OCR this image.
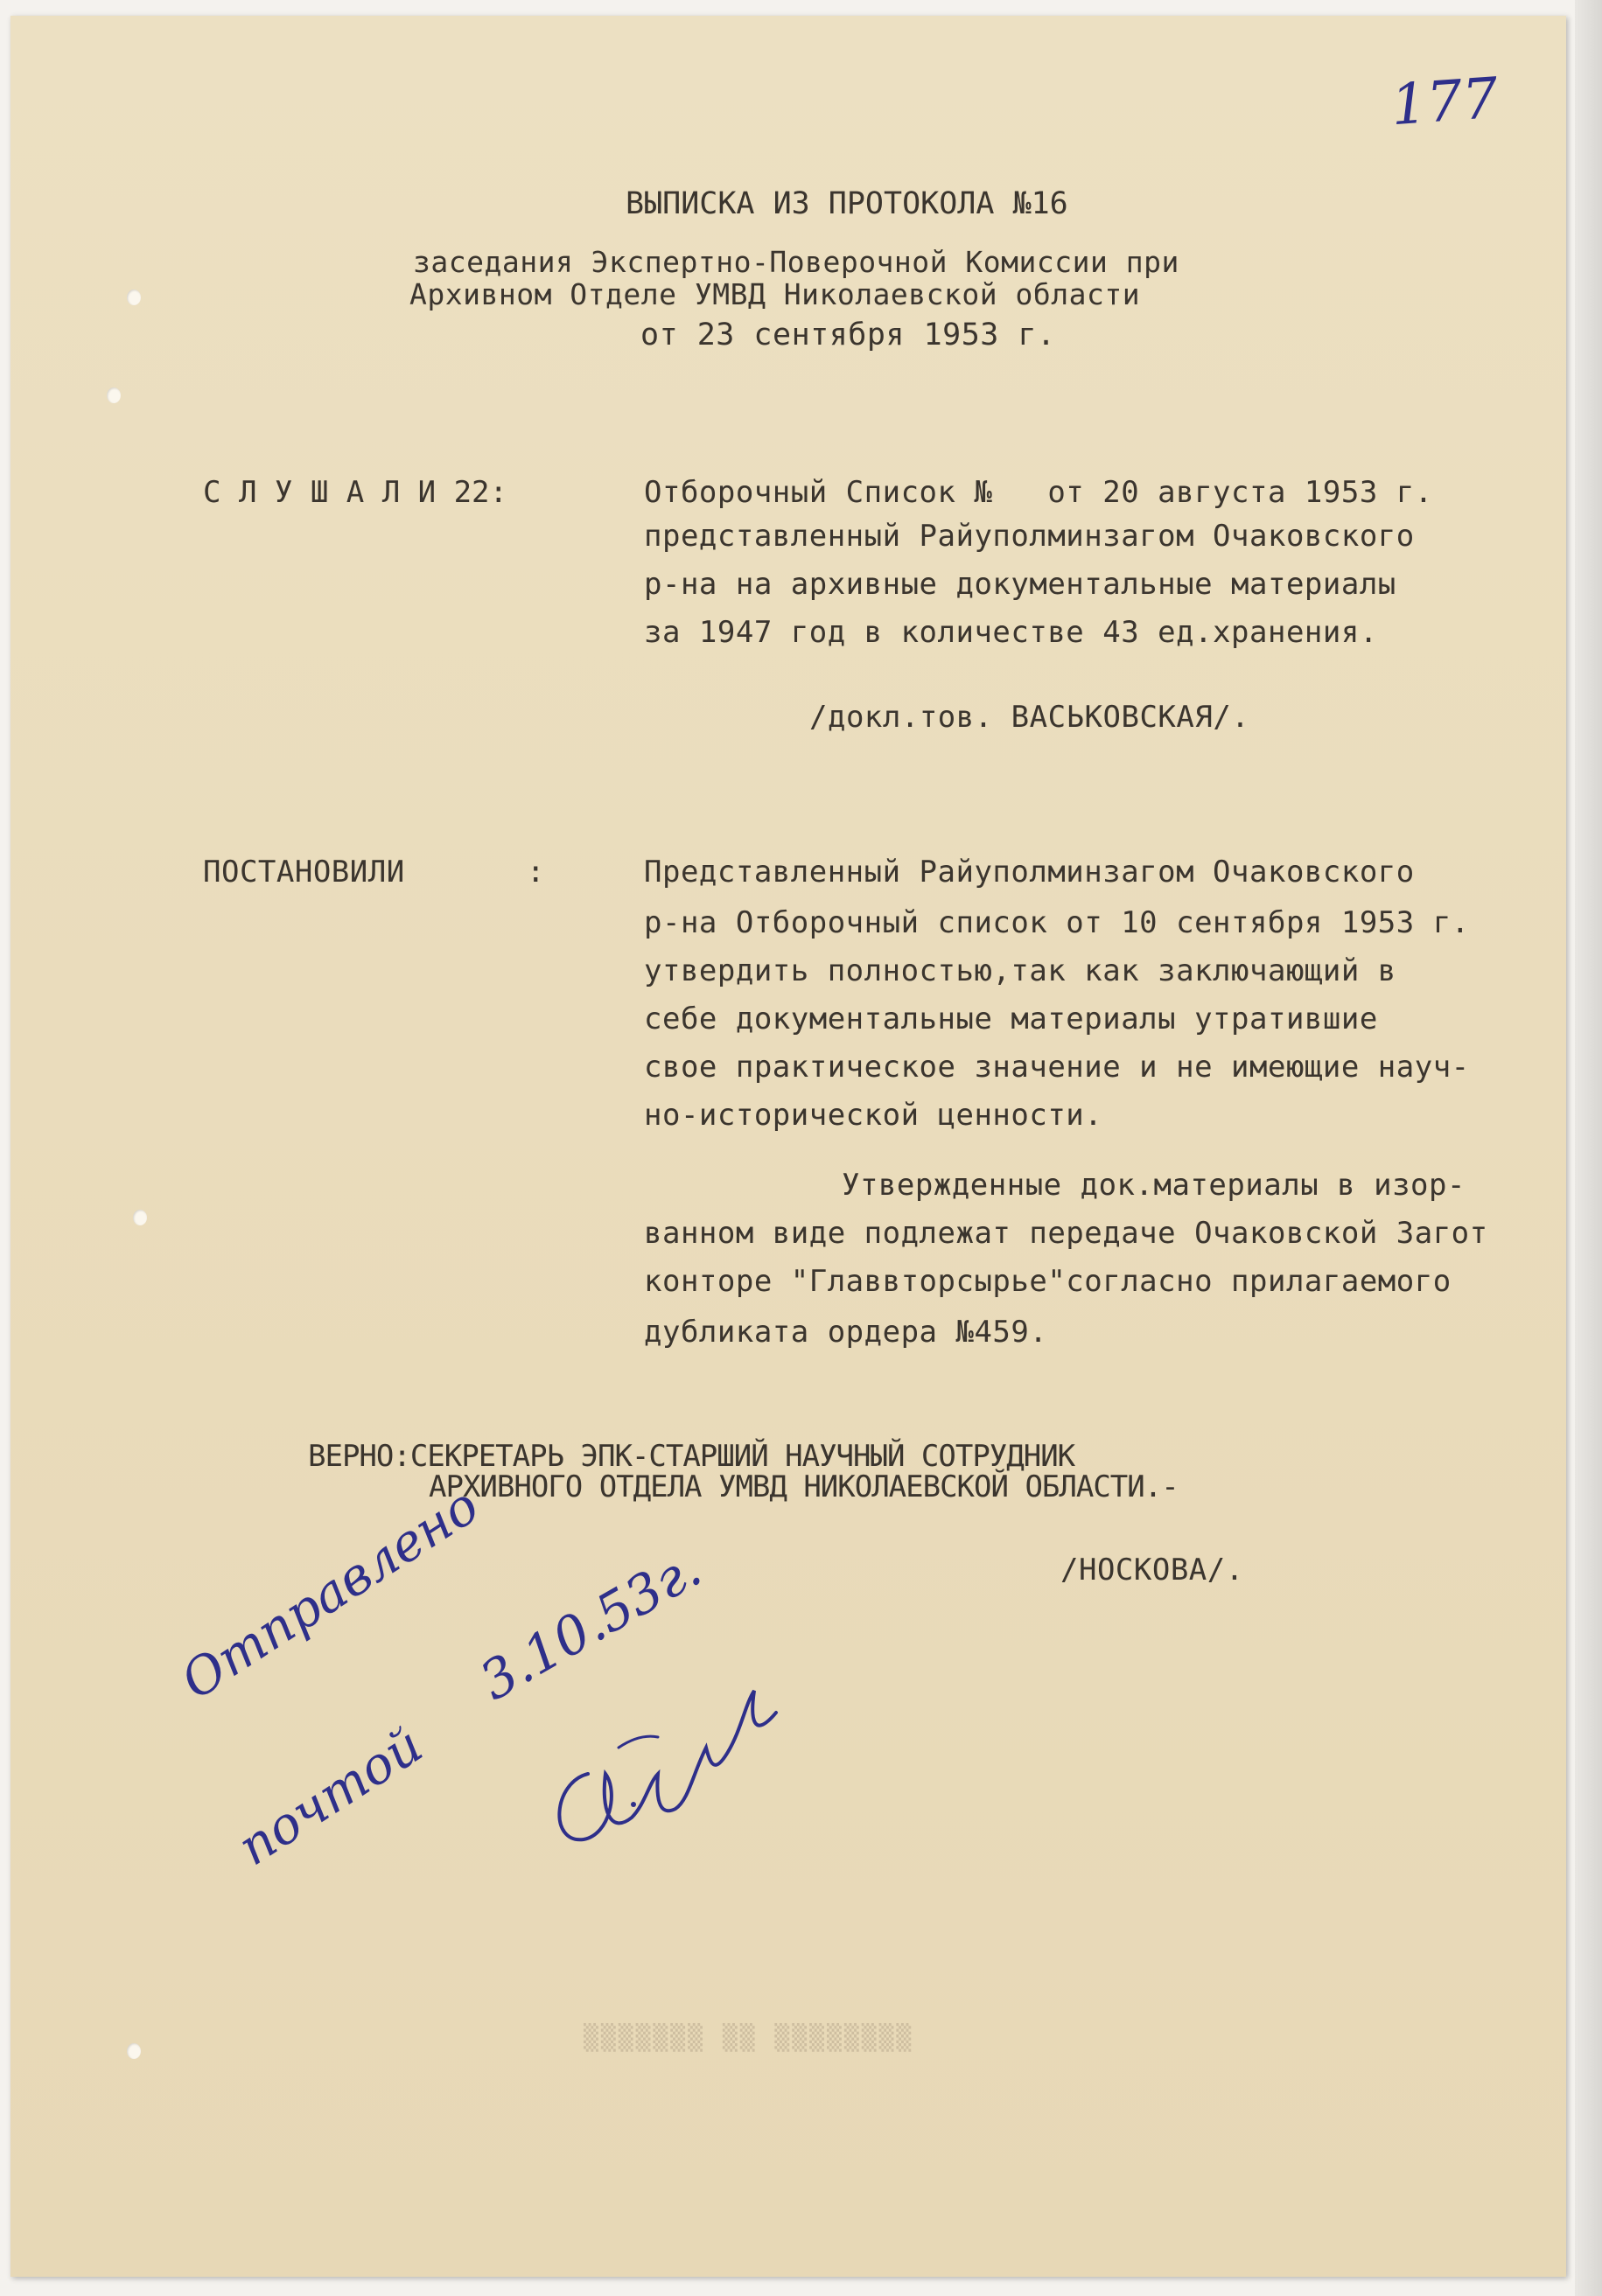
177
ВЫПИСКА ИЗ ПРОТОКОЛА №16
заседания Экспертно-Поверочной Комиссии при
Архивном Отделе УМВД Николаевской области
от 23 сентября 1953 г.
С Л У Ш А Л И 22:	Отборочный Список №   от 20 августа 1953 г.
представленный Райуполминзагом Очаковского
р-на на архивные документальные материалы
за 1947 год в количестве 43 ед.хранения.
/докл.тов. ВАСЬКОВСКАЯ/.
ПОСТАНОВИЛИ	:	Представленный Райуполминзагом Очаковского
р-на Отборочный список от 10 сентября 1953 г.
утвердить полностью,так как заключающий в
себе документальные материалы утратившие
свое практическое значение и не имеющие науч-
но-исторической ценности.
Утвержденные док.материалы в изор-
ванном виде подлежат передаче Очаковской Загот
конторе "Главвторсырье"согласно прилагаемого
дубликата ордера №459.
ВЕРНО:СЕКРЕТАРЬ ЭПК-СТАРШИЙ НАУЧНЫЙ СОТРУДНИК
АРХИВНОГО ОТДЕЛА УМВД НИКОЛАЕВСКОЙ ОБЛАСТИ.-
/НОСКОВА/.
Отправлено
почтой
3.10.53г.
▒▒▒▒▒▒▒ ▒▒ ▒▒▒▒▒▒▒▒
